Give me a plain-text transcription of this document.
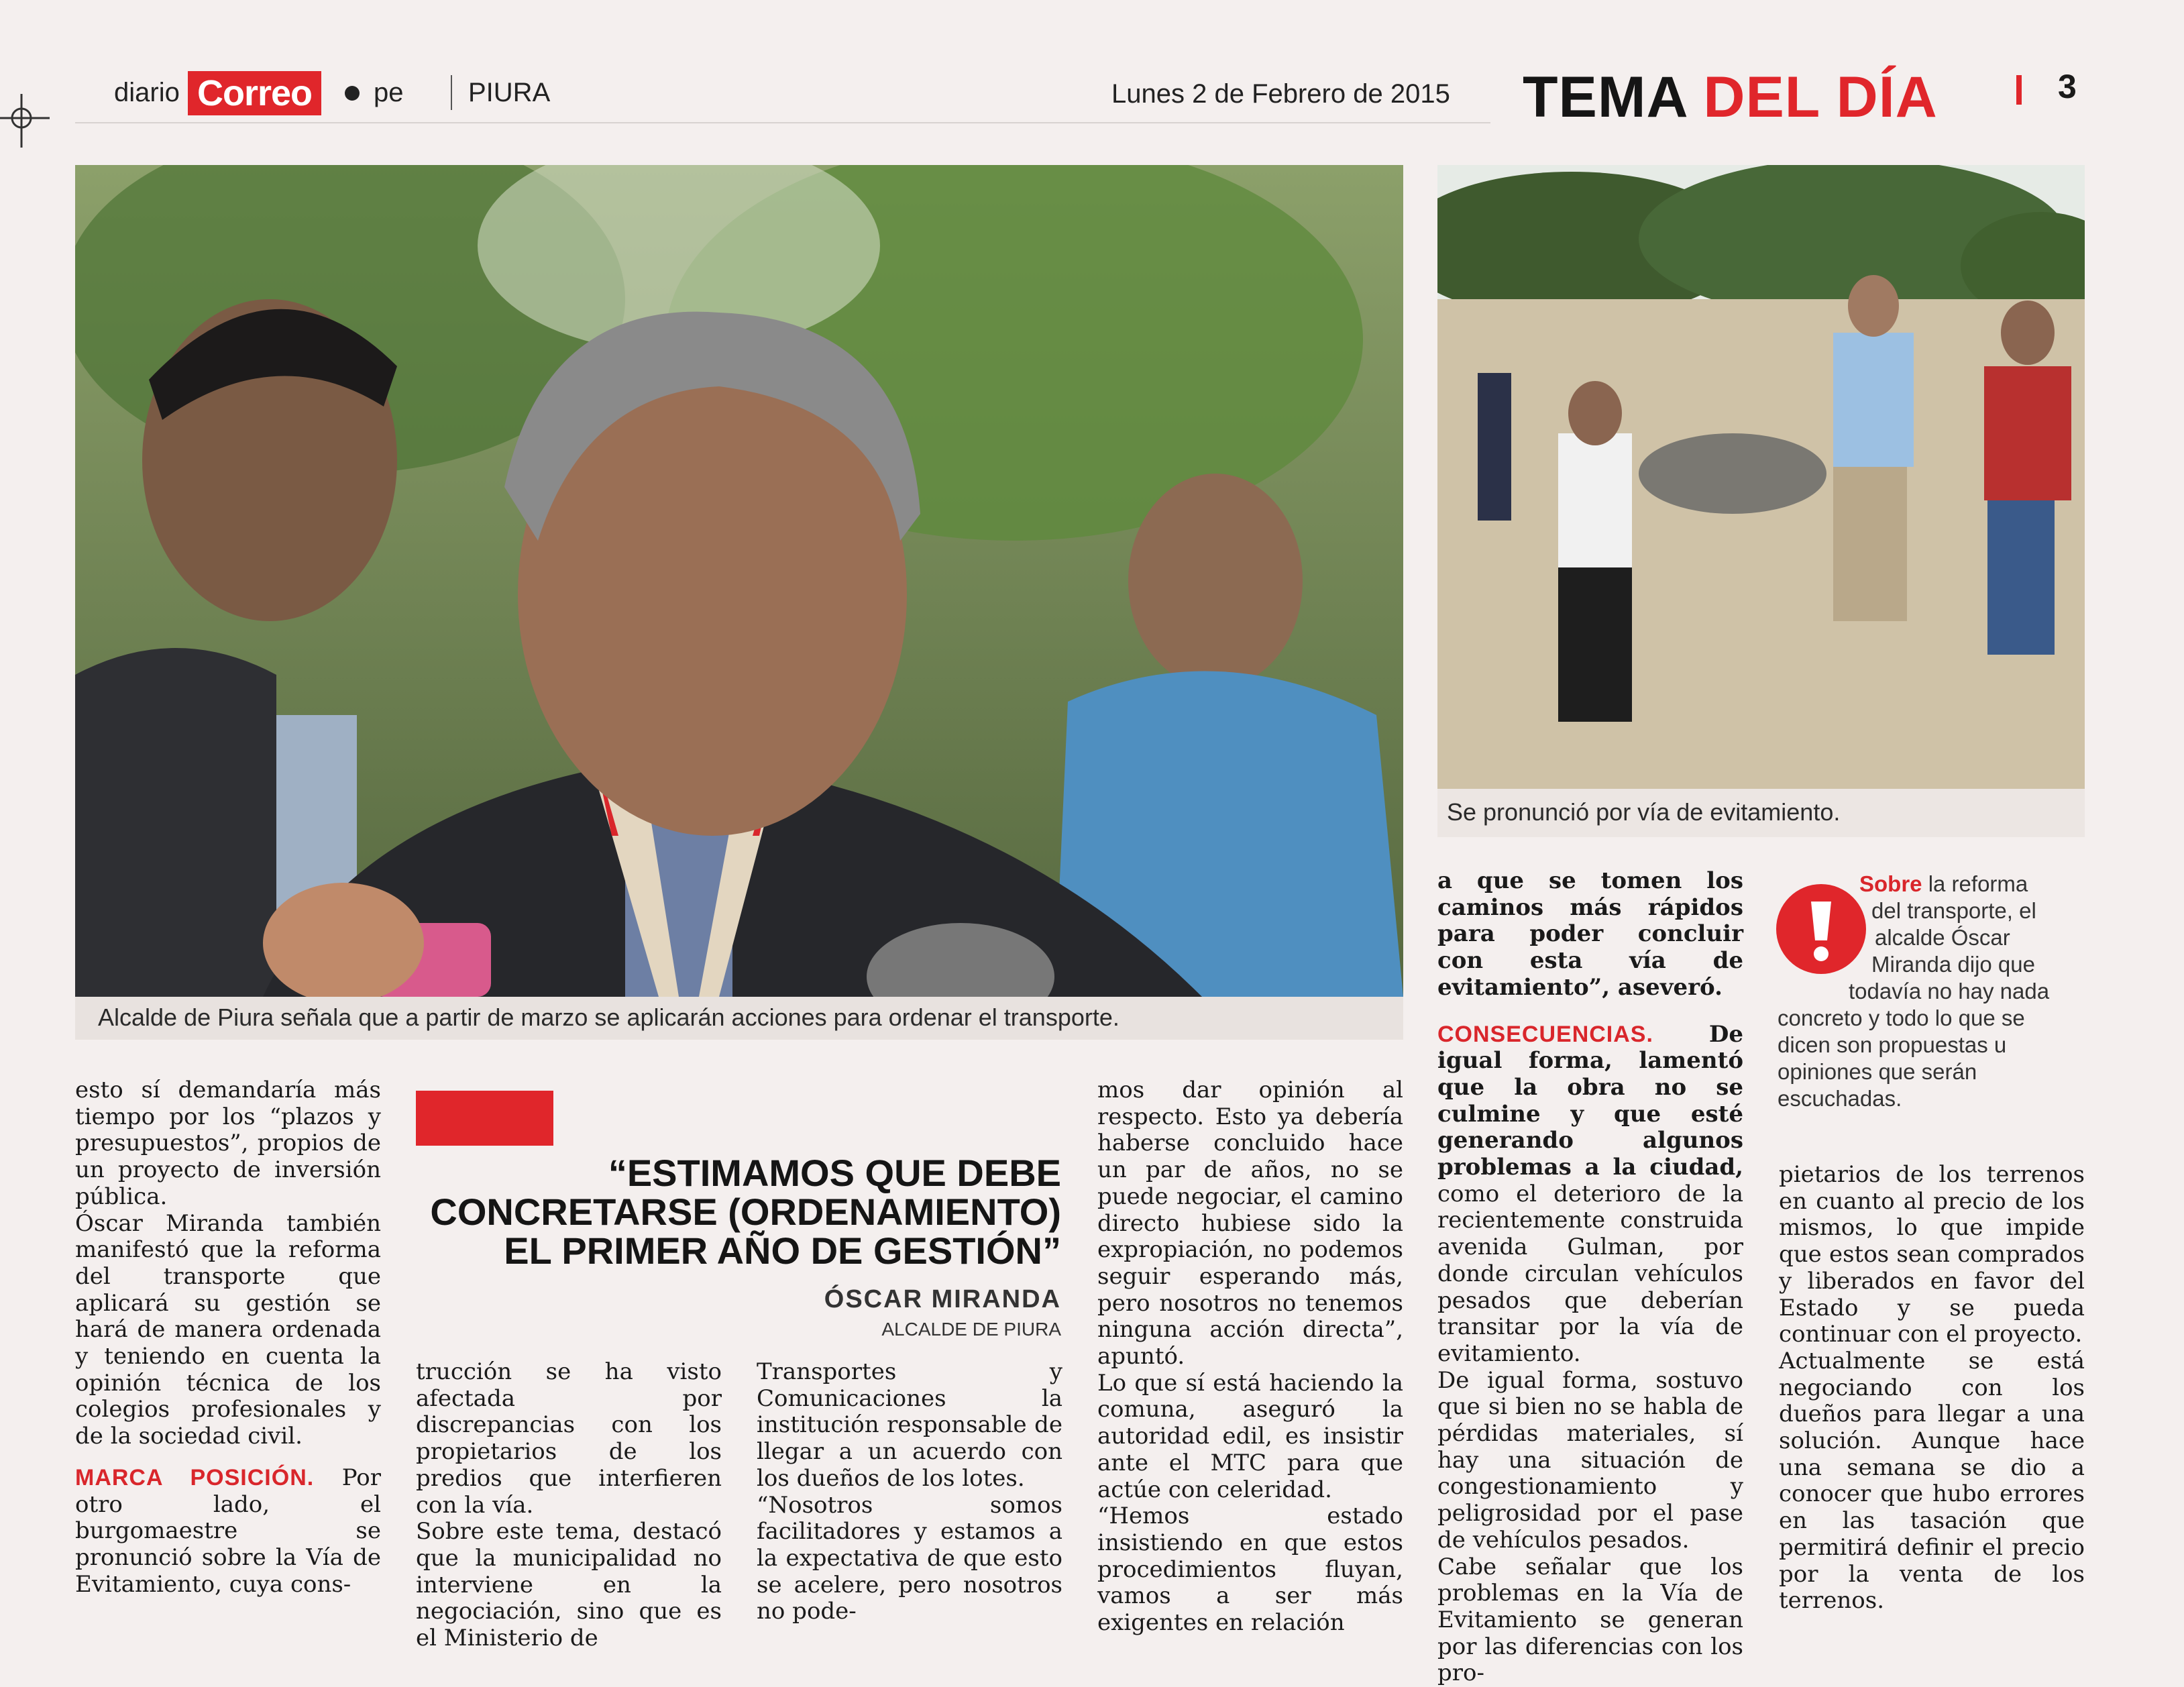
diario Correo	pe PIURA	Lunes 2 de Febrero de 2015 TEMA DEL DÍA	3
Alcalde de Piura señala que a partir de marzo se aplicarán acciones para ordenar el transporte.
Se pronunció por vía de evitamiento.
Sobre la reforma
del transporte, el
alcalde Óscar
Miranda dijo que
todavía no hay nada
concreto y todo lo que se
dicen son propuestas u
opiniones que serán
escuchadas.
“ESTIMAMOS QUE DEBE CONCRETARSE (ORDENAMIENTO) EL PRIMER AÑO DE GESTIÓN”
ÓSCAR MIRANDA
ALCALDE DE PIURA

esto sí demandaría más tiempo por los “plazos y presupuestos”, propios de un proyecto de inversión pública.

Óscar Miranda también manifestó que la reforma del transporte que aplicará su gestión se hará de manera ordenada y teniendo en cuenta la opinión técnica de los colegios profesionales y de la sociedad civil.

MARCA POSICIÓN. Por otro lado, el burgomaestre se pronunció sobre la Vía de Evitamiento, cuya cons-

trucción se ha visto afectada por discrepancias con los propietarios de los predios que interfieren con la vía.

Sobre este tema, destacó que la municipalidad no interviene en la negociación, sino que es el Ministerio de

Transportes y Comunicaciones la institución responsable de llegar a un acuerdo con los dueños de los lotes.

“Nosotros somos facilitadores y estamos a la expectativa de que esto se acelere, pero nosotros no pode-

mos dar opinión al respecto. Esto ya debería haberse concluido hace un par de años, no se puede negociar, el camino directo hubiese sido la expropiación, no podemos seguir esperando más, pero nosotros no tenemos ninguna acción directa”, apuntó.

Lo que sí está haciendo la comuna, aseguró la autoridad edil, es insistir ante el MTC para que actúe con celeridad.

“Hemos estado insistiendo en que estos procedimientos fluyan, vamos a ser más exigentes en relación

a que se tomen los caminos más rápidos para poder concluir con esta vía de evitamiento”, aseveró.

CONSECUENCIAS. De igual forma, lamentó que la obra no se culmine y que esté generando algunos problemas a la ciudad, como el deterioro de la recientemente construida avenida Gulman, por donde circulan vehículos pesados que deberían transitar por la vía de evitamiento.

De igual forma, sostuvo que si bien no se habla de pérdidas materiales, sí hay una situación de congestionamiento y peligrosidad por el pase de vehículos pesados.

Cabe señalar que los problemas en la Vía de Evitamiento se generan por las diferencias con los pro-

pietarios de los terrenos en cuanto al precio de los mismos, lo que impide que estos sean comprados y liberados en favor del Estado y se pueda continuar con el proyecto.

Actualmente se está negociando con los dueños para llegar a una solución. Aunque hace una semana se dio a conocer que hubo errores en las tasación que permitirá definir el precio por la venta de los terrenos.
